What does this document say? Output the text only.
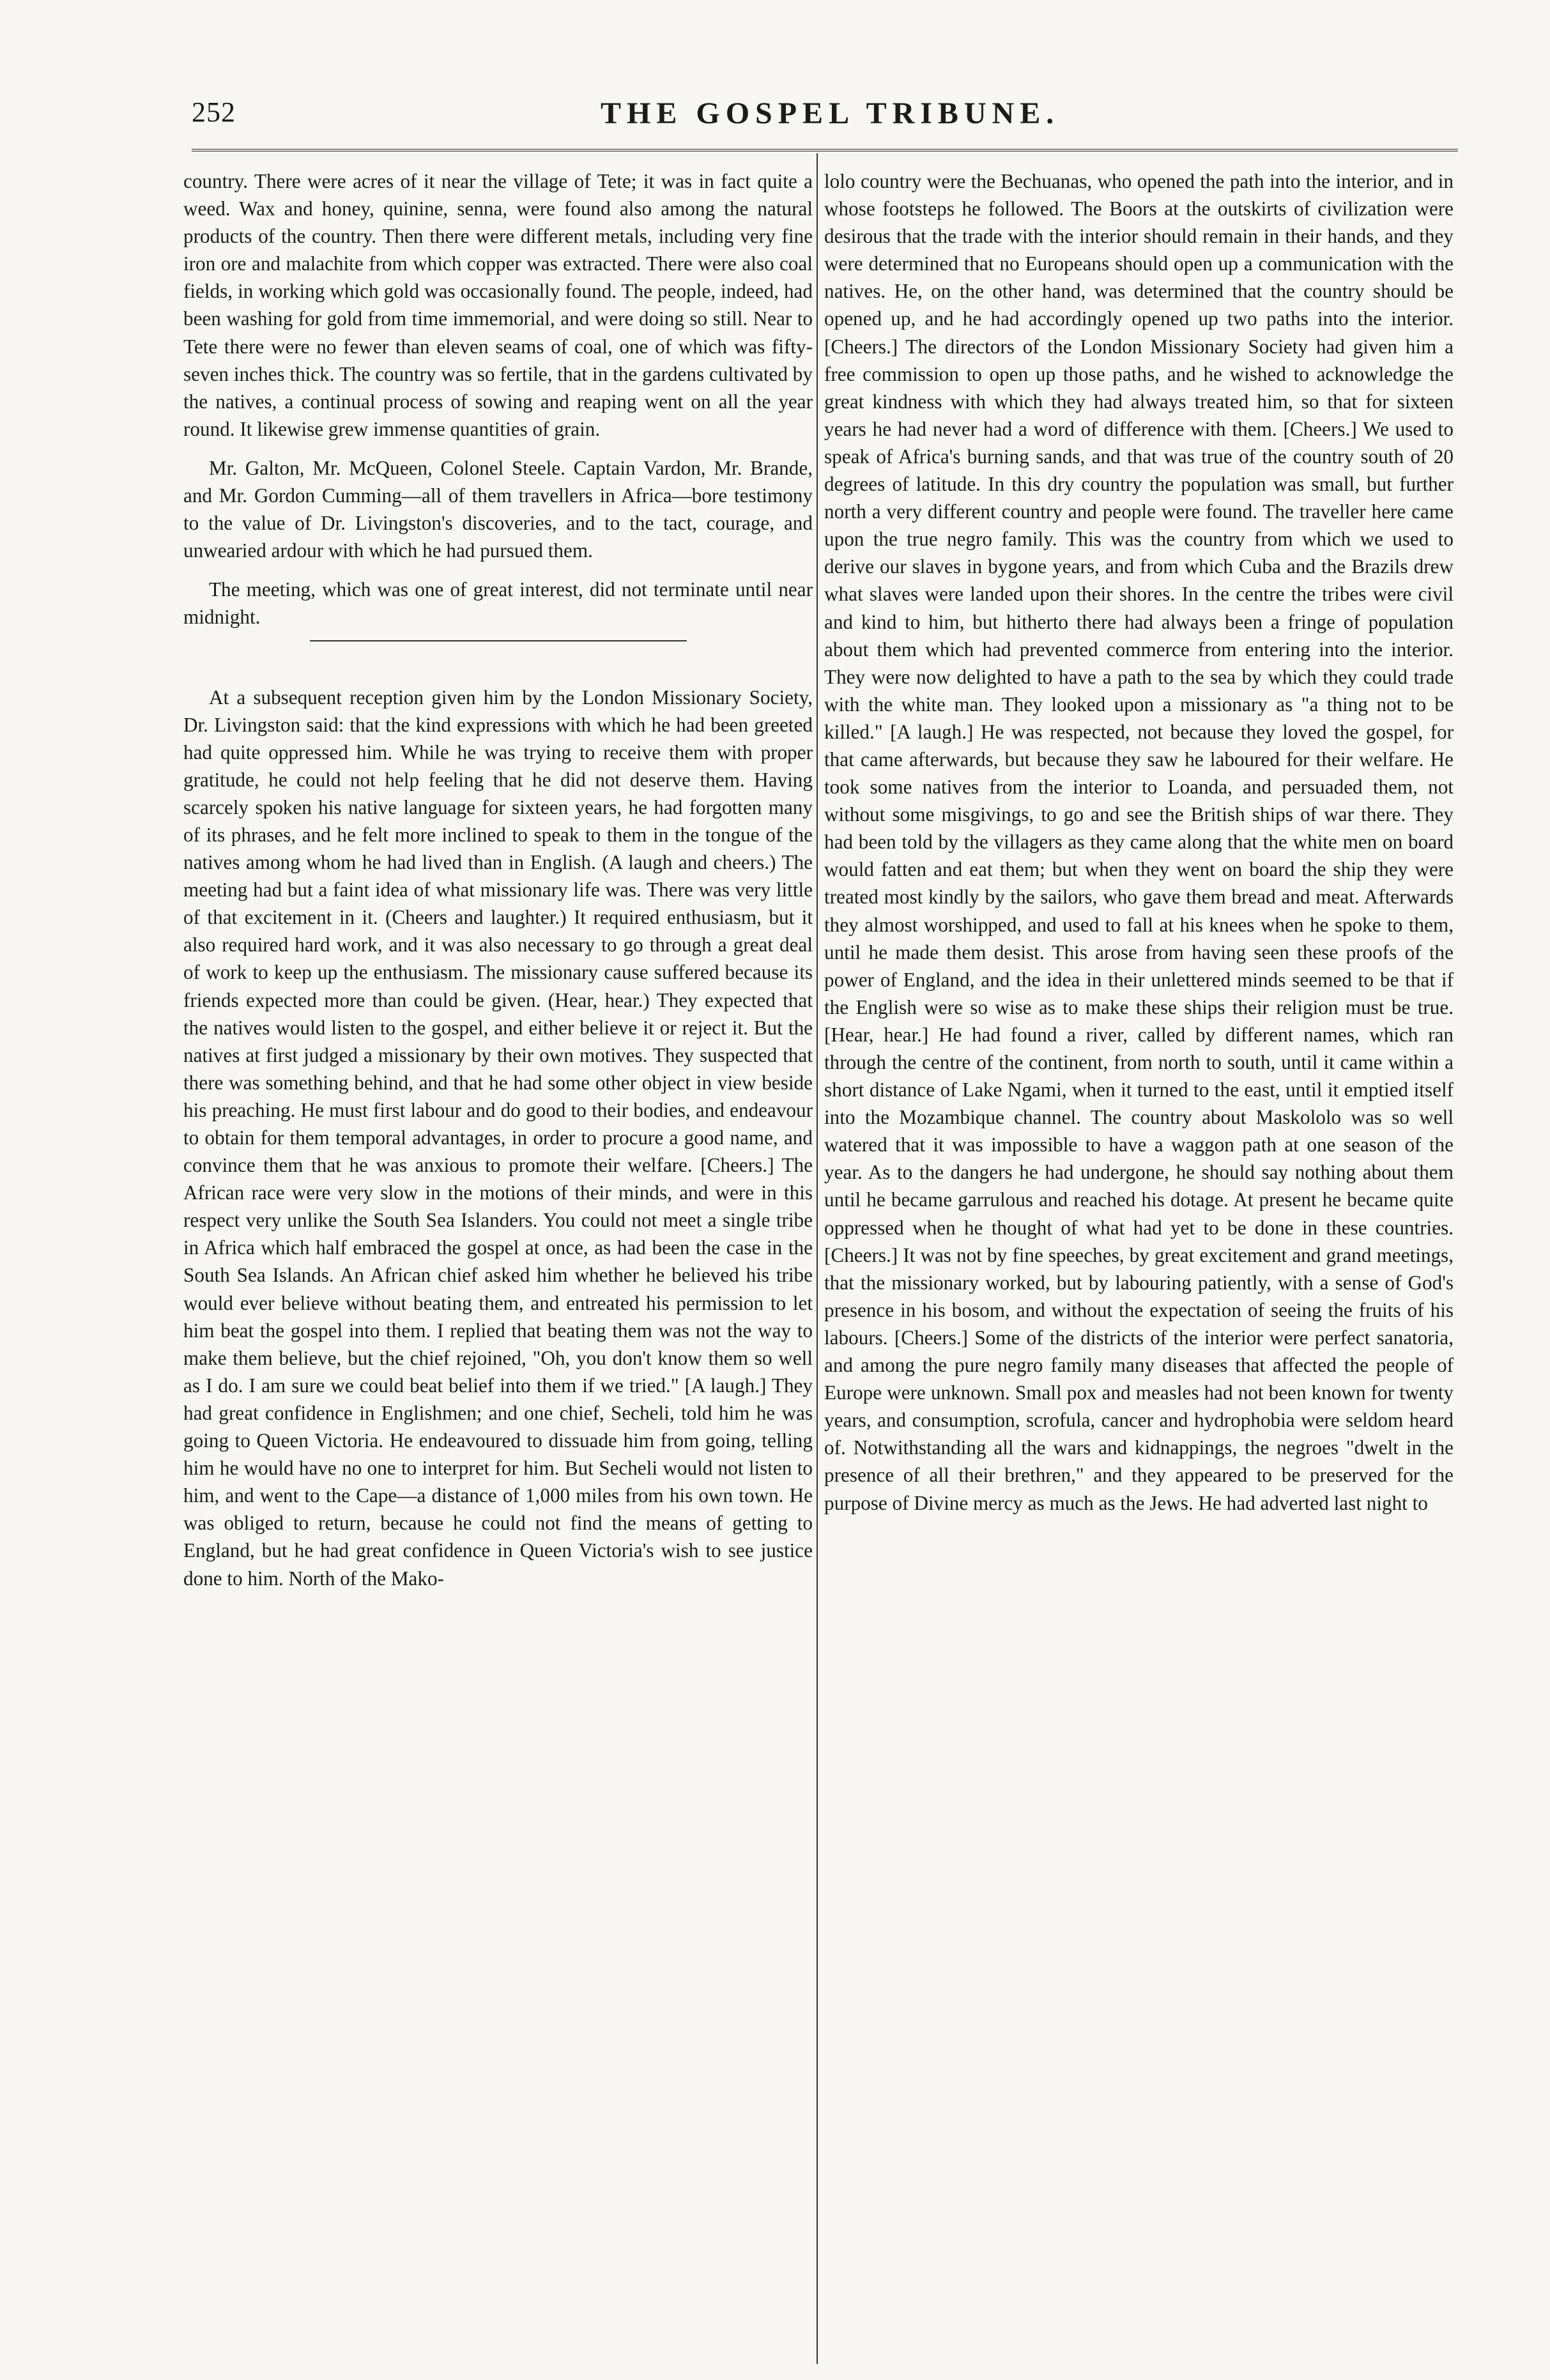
252	THE GOSPEL TRIBUNE.

country. There were acres of it near the village of Tete; it was in fact quite a weed. Wax and honey, quinine, senna, were found also among the natural products of the country. Then there were different metals, including very fine iron ore and malachite from which copper was extracted. There were also coal fields, in working which gold was occasionally found. The people, indeed, had been washing for gold from time immemorial, and were doing so still. Near to Tete there were no fewer than eleven seams of coal, one of which was fifty-seven inches thick. The country was so fertile, that in the gardens cultivated by the natives, a continual process of sowing and reaping went on all the year round. It likewise grew immense quantities of grain.

Mr. Galton, Mr. McQueen, Colonel Steele. Captain Vardon, Mr. Brande, and Mr. Gordon Cumming—all of them travellers in Africa—bore testimony to the value of Dr. Livingston's discoveries, and to the tact, courage, and unwearied ardour with which he had pursued them.

The meeting, which was one of great interest, did not terminate until near midnight.

At a subsequent reception given him by the London Missionary Society, Dr. Livingston said: that the kind expressions with which he had been greeted had quite oppressed him. While he was trying to receive them with proper gratitude, he could not help feeling that he did not deserve them. Having scarcely spoken his native language for sixteen years, he had forgotten many of its phrases, and he felt more inclined to speak to them in the tongue of the natives among whom he had lived than in English. (A laugh and cheers.) The meeting had but a faint idea of what missionary life was. There was very little of that excitement in it. (Cheers and laughter.) It required enthusiasm, but it also required hard work, and it was also necessary to go through a great deal of work to keep up the enthusiasm. The missionary cause suffered because its friends expected more than could be given. (Hear, hear.) They expected that the natives would listen to the gospel, and either believe it or reject it. But the natives at first judged a missionary by their own motives. They suspected that there was something behind, and that he had some other object in view beside his preaching. He must first labour and do good to their bodies, and endeavour to obtain for them temporal advantages, in order to procure a good name, and convince them that he was anxious to promote their welfare. [Cheers.] The African race were very slow in the motions of their minds, and were in this respect very unlike the South Sea Islanders. You could not meet a single tribe in Africa which half embraced the gospel at once, as had been the case in the South Sea Islands. An African chief asked him whether he believed his tribe would ever believe without beating them, and entreated his permission to let him beat the gospel into them. I replied that beating them was not the way to make them believe, but the chief rejoined, "Oh, you don't know them so well as I do. I am sure we could beat belief into them if we tried." [A laugh.] They had great confidence in Englishmen; and one chief, Secheli, told him he was going to Queen Victoria. He endeavoured to dissuade him from going, telling him he would have no one to interpret for him. But Secheli would not listen to him, and went to the Cape—a distance of 1,000 miles from his own town. He was obliged to return, because he could not find the means of getting to England, but he had great confidence in Queen Victoria's wish to see justice done to him. North of the Mako-

lolo country were the Bechuanas, who opened the path into the interior, and in whose footsteps he followed. The Boors at the outskirts of civilization were desirous that the trade with the interior should remain in their hands, and they were determined that no Europeans should open up a communication with the natives. He, on the other hand, was determined that the country should be opened up, and he had accordingly opened up two paths into the interior. [Cheers.] The directors of the London Missionary Society had given him a free commission to open up those paths, and he wished to acknowledge the great kindness with which they had always treated him, so that for sixteen years he had never had a word of difference with them. [Cheers.] We used to speak of Africa's burning sands, and that was true of the country south of 20 degrees of latitude. In this dry country the population was small, but further north a very different country and people were found. The traveller here came upon the true negro family. This was the country from which we used to derive our slaves in bygone years, and from which Cuba and the Brazils drew what slaves were landed upon their shores. In the centre the tribes were civil and kind to him, but hitherto there had always been a fringe of population about them which had prevented commerce from entering into the interior. They were now delighted to have a path to the sea by which they could trade with the white man. They looked upon a missionary as "a thing not to be killed." [A laugh.] He was respected, not because they loved the gospel, for that came afterwards, but because they saw he laboured for their welfare. He took some natives from the interior to Loanda, and persuaded them, not without some misgivings, to go and see the British ships of war there. They had been told by the villagers as they came along that the white men on board would fatten and eat them; but when they went on board the ship they were treated most kindly by the sailors, who gave them bread and meat. Afterwards they almost worshipped, and used to fall at his knees when he spoke to them, until he made them desist. This arose from having seen these proofs of the power of England, and the idea in their unlettered minds seemed to be that if the English were so wise as to make these ships their religion must be true. [Hear, hear.] He had found a river, called by different names, which ran through the centre of the continent, from north to south, until it came within a short distance of Lake Ngami, when it turned to the east, until it emptied itself into the Mozambique channel. The country about Maskololo was so well watered that it was impossible to have a waggon path at one season of the year. As to the dangers he had undergone, he should say nothing about them until he became garrulous and reached his dotage. At present he became quite oppressed when he thought of what had yet to be done in these countries. [Cheers.] It was not by fine speeches, by great excitement and grand meetings, that the missionary worked, but by labouring patiently, with a sense of God's presence in his bosom, and without the expectation of seeing the fruits of his labours. [Cheers.] Some of the districts of the interior were perfect sanatoria, and among the pure negro family many diseases that affected the people of Europe were unknown. Small pox and measles had not been known for twenty years, and consumption, scrofula, cancer and hydrophobia were seldom heard of. Notwithstanding all the wars and kidnappings, the negroes "dwelt in the presence of all their brethren," and they appeared to be preserved for the purpose of Divine mercy as much as the Jews. He had adverted last night to
